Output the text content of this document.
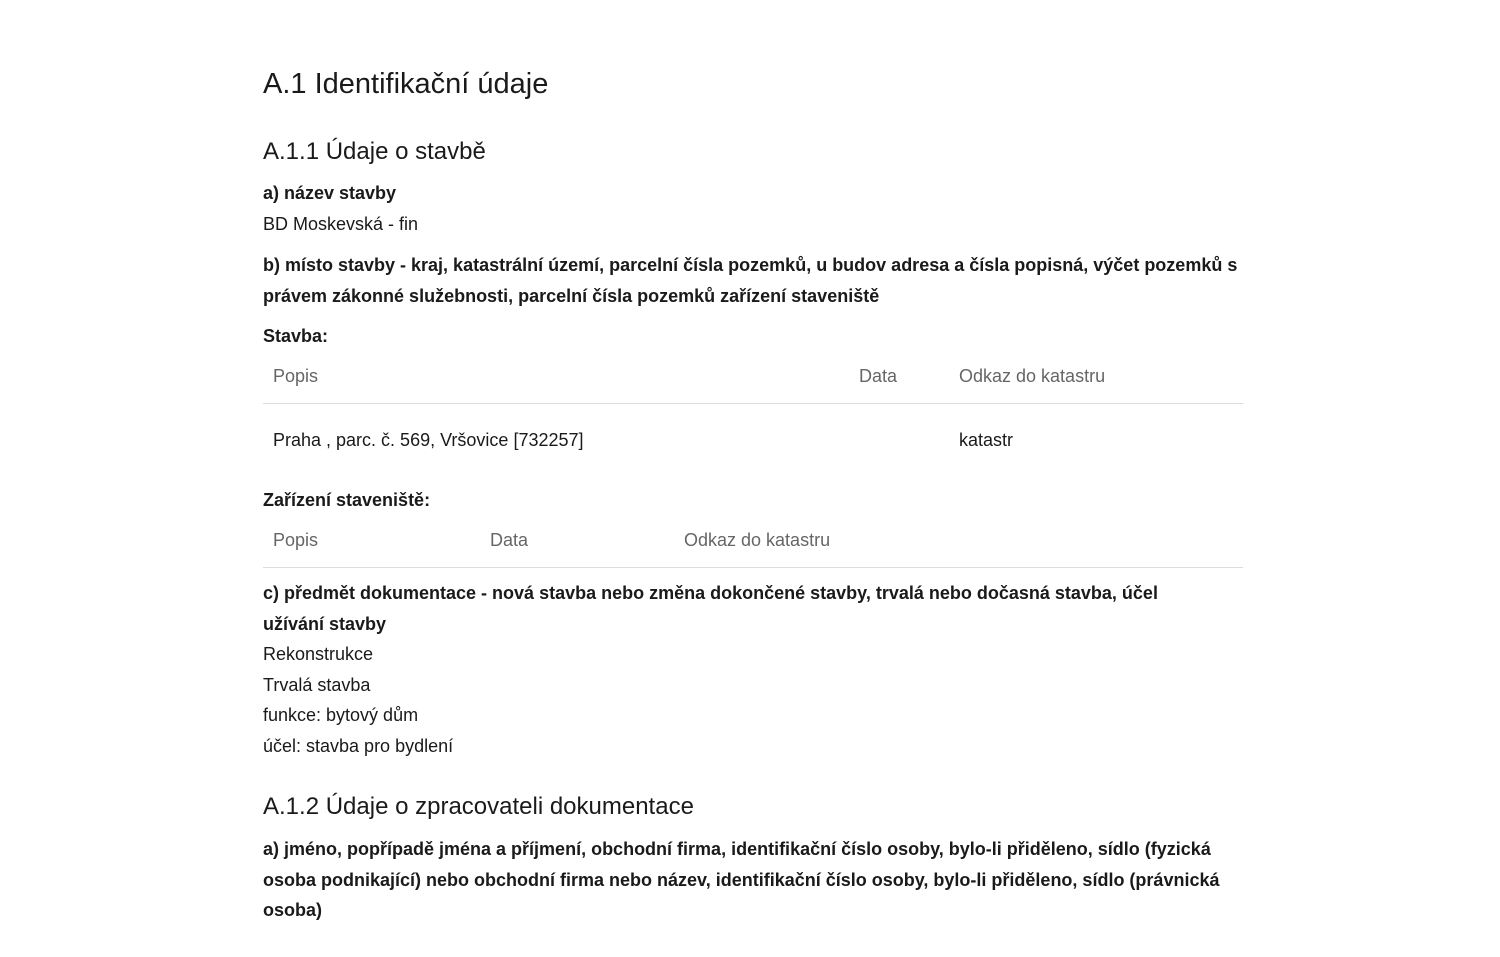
A.1 Identifikační údaje
A.1.1 Údaje o stavbě

a) název stavby

BD Moskevská - fin

b) místo stavby - kraj, katastrální území, parcelní čísla pozemků, u budov adresa a čísla popisná, výčet pozemků s právem zákonné služebnosti, parcelní čísla pozemků zařízení staveniště

Stavba:

Popis	Data	Odkaz do katastru
Praha , parc. č. 569, Vršovice [732257]		katastr

Zařízení staveniště:

Popis	Data	Odkaz do katastru

c) předmět dokumentace - nová stavba nebo změna dokončené stavby, trvalá nebo dočasná stavba, účel užívání stavby

Rekonstrukce

Trvalá stavba

funkce: bytový dům

účel: stavba pro bydlení

A.1.2 Údaje o zpracovateli dokumentace

a) jméno, popřípadě jména a příjmení, obchodní firma, identifikační číslo osoby, bylo-li přiděleno, sídlo (fyzická osoba podnikající) nebo obchodní firma nebo název, identifikační číslo osoby, bylo-li přiděleno, sídlo (právnická osoba)
